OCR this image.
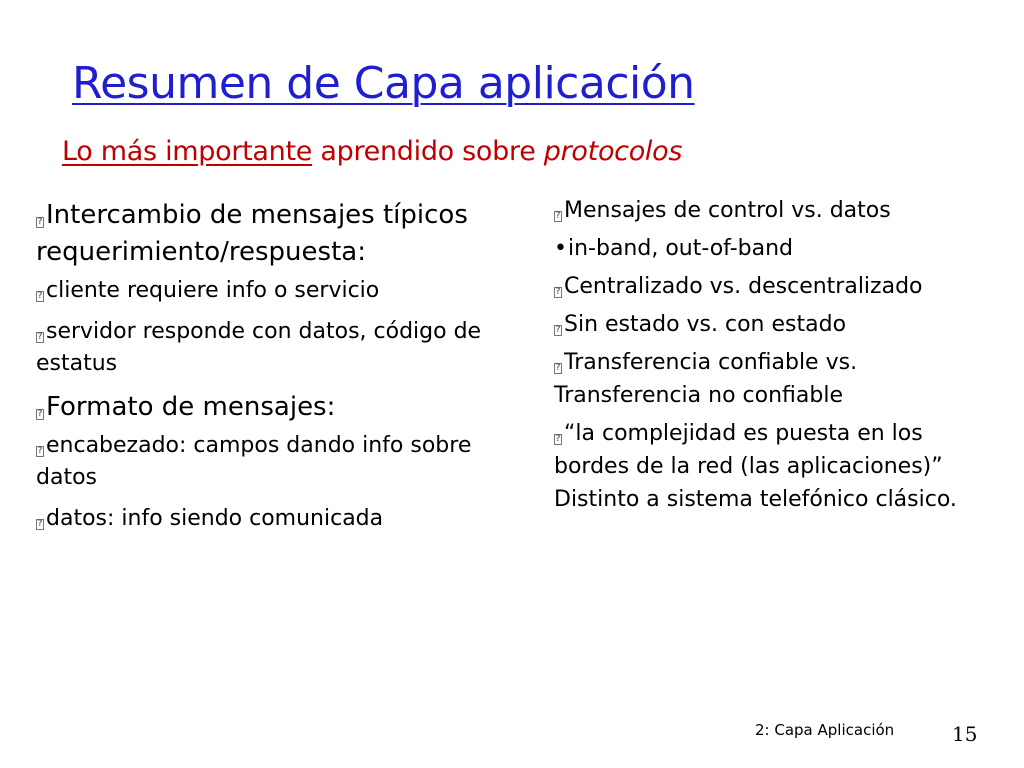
Resumen de Capa aplicación
Lo más importante aprendido sobre protocolos
? Intercambio de mensajes típicos requerimiento/respuesta:
? cliente requiere info o servicio
? servidor responde con datos, código de estatus
? Formato de mensajes:
? encabezado: campos dando info sobre datos
? datos: info siendo comunicada
? Mensajes de control vs. datos
•in-band, out-of-band
? Centralizado vs. descentralizado
? Sin estado vs. con estado
? Transferencia confiable vs. Transferencia no confiable
? “la complejidad es puesta en los bordes de la red (las aplicaciones)”
Distinto a sistema telefónico clásico.
2: Capa Aplicación	15
